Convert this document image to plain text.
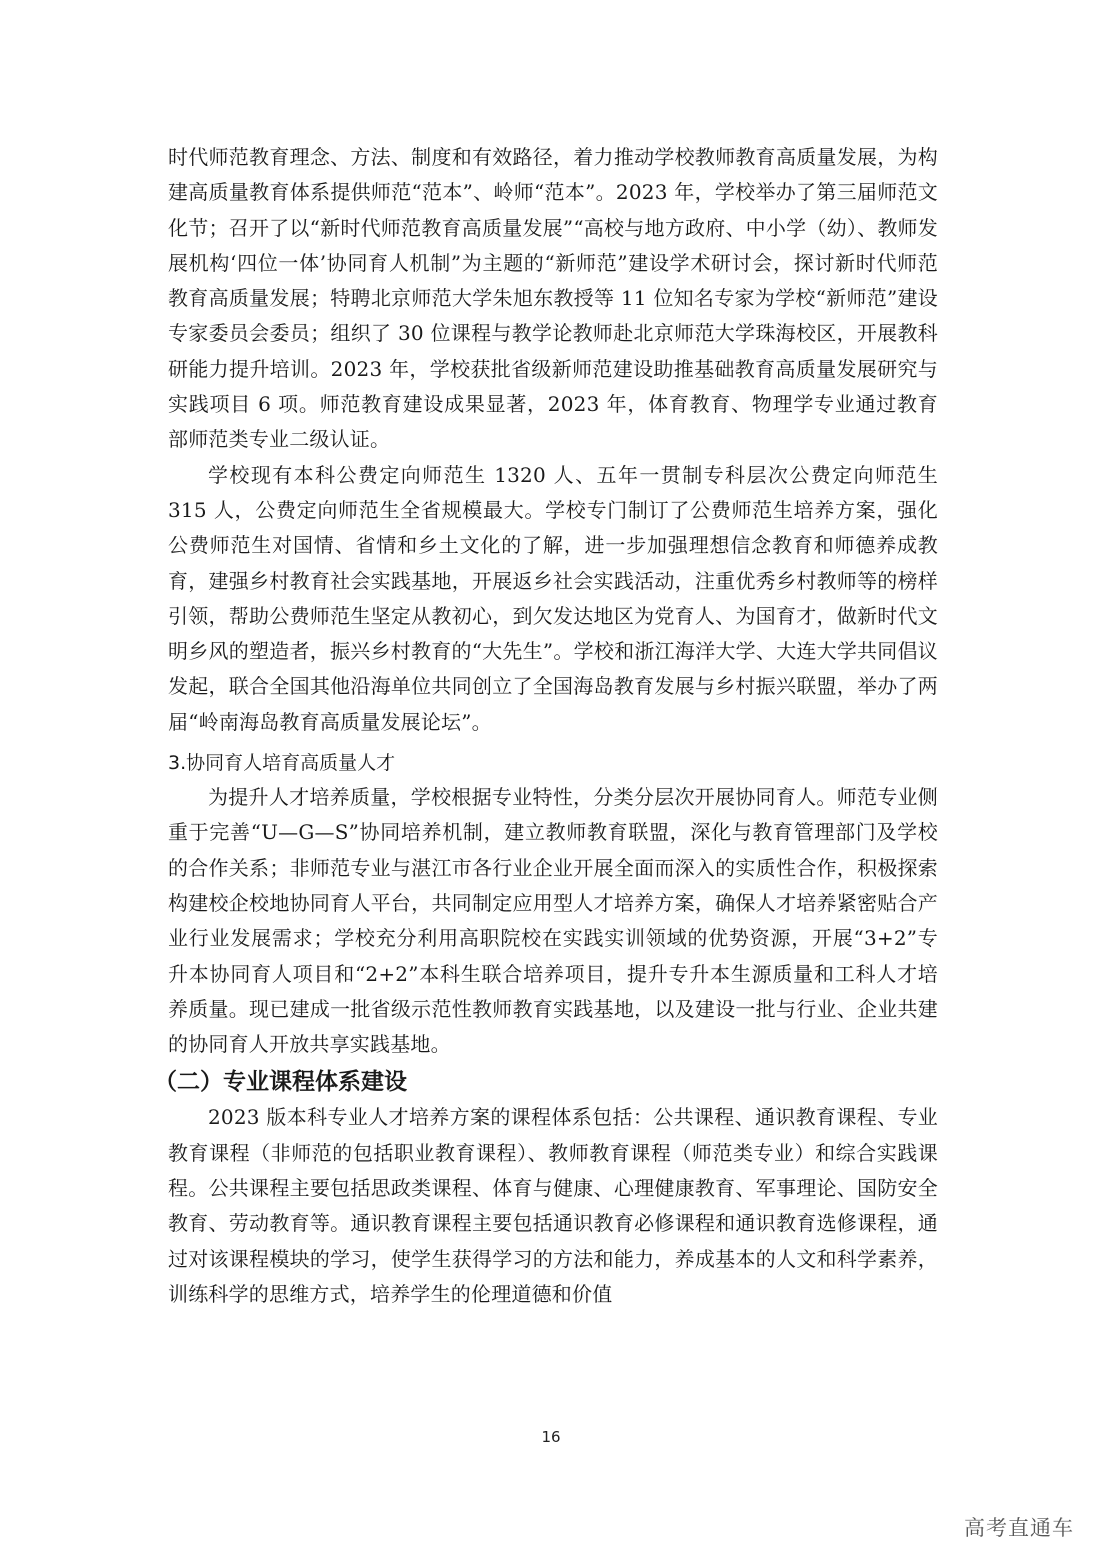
时代师范教育理念、方法、制度和有效路径，着力推动学校教师教育高质量发展，为构建高质量教育体系提供师范“范本”、岭师“范本”。2023 年，学校举办了第三届师范文化节；召开了以“新时代师范教育高质量发展”“高校与地方政府、中小学（幼）、教师发展机构‘四位一体’协同育人机制”为主题的“新师范”建设学术研讨会，探讨新时代师范教育高质量发展；特聘北京师范大学朱旭东教授等 11 位知名专家为学校“新师范”建设专家委员会委员；组织了 30 位课程与教学论教师赴北京师范大学珠海校区，开展教科研能力提升培训。2023 年，学校获批省级新师范建设助推基础教育高质量发展研究与实践项目 6 项。师范教育建设成果显著，2023 年，体育教育、物理学专业通过教育部师范类专业二级认证。

学校现有本科公费定向师范生 1320 人、五年一贯制专科层次公费定向师范生 315 人，公费定向师范生全省规模最大。学校专门制订了公费师范生培养方案，强化公费师范生对国情、省情和乡土文化的了解，进一步加强理想信念教育和师德养成教育，建强乡村教育社会实践基地，开展返乡社会实践活动，注重优秀乡村教师等的榜样引领，帮助公费师范生坚定从教初心，到欠发达地区为党育人、为国育才，做新时代文明乡风的塑造者，振兴乡村教育的“大先生”。学校和浙江海洋大学、大连大学共同倡议发起，联合全国其他沿海单位共同创立了全国海岛教育发展与乡村振兴联盟，举办了两届“岭南海岛教育高质量发展论坛”。

3.协同育人培育高质量人才

为提升人才培养质量，学校根据专业特性，分类分层次开展协同育人。师范专业侧重于完善“U—G—S”协同培养机制，建立教师教育联盟，深化与教育管理部门及学校的合作关系；非师范专业与湛江市各行业企业开展全面而深入的实质性合作，积极探索构建校企校地协同育人平台，共同制定应用型人才培养方案，确保人才培养紧密贴合产业行业发展需求；学校充分利用高职院校在实践实训领域的优势资源，开展“3+2”专升本协同育人项目和“2+2”本科生联合培养项目，提升专升本生源质量和工科人才培养质量。现已建成一批省级示范性教师教育实践基地，以及建设一批与行业、企业共建的协同育人开放共享实践基地。

（二）专业课程体系建设

2023 版本科专业人才培养方案的课程体系包括：公共课程、通识教育课程、专业教育课程（非师范的包括职业教育课程）、教师教育课程（师范类专业）和综合实践课程。公共课程主要包括思政类课程、体育与健康、心理健康教育、军事理论、国防安全教育、劳动教育等。通识教育课程主要包括通识教育必修课程和通识教育选修课程，通过对该课程模块的学习，使学生获得学习的方法和能力，养成基本的人文和科学素养，训练科学的思维方式，培养学生的伦理道德和价值

16
高考直通车
